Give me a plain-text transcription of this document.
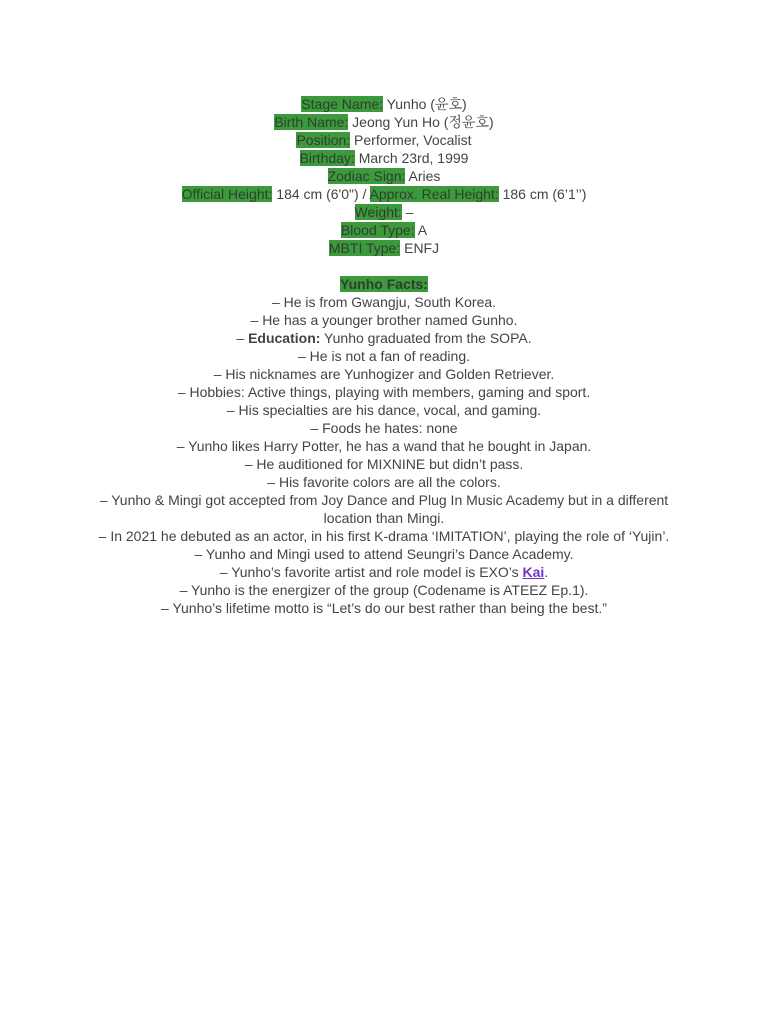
Stage Name: Yunho (윤호)

Birth Name: Jeong Yun Ho (정윤호)

Position: Performer, Vocalist

Birthday: March 23rd, 1999

Zodiac Sign: Aries

Official Height: 184 cm (6'0") / Approx. Real Height: 186 cm (6’1’’)

Weight: –

Blood Type: A

MBTI Type: ENFJ

Yunho Facts:

– He is from Gwangju, South Korea.

– He has a younger brother named Gunho.

– Education: Yunho graduated from the SOPA.

– He is not a fan of reading.

– His nicknames are Yunhogizer and Golden Retriever.

– Hobbies: Active things, playing with members, gaming and sport.

– His specialties are his dance, vocal, and gaming.

– Foods he hates: none

– Yunho likes Harry Potter, he has a wand that he bought in Japan.

– He auditioned for MIXNINE but didn’t pass.

– His favorite colors are all the colors.

– Yunho & Mingi got accepted from Joy Dance and Plug In Music Academy but in a different location than Mingi.

– In 2021 he debuted as an actor, in his first K-drama ‘IMITATION’, playing the role of ‘Yujin’.

– Yunho and Mingi used to attend Seungri’s Dance Academy.

– Yunho’s favorite artist and role model is EXO’s Kai.

– Yunho is the energizer of the group (Codename is ATEEZ Ep.1).

– Yunho’s lifetime motto is “Let’s do our best rather than being the best.”
